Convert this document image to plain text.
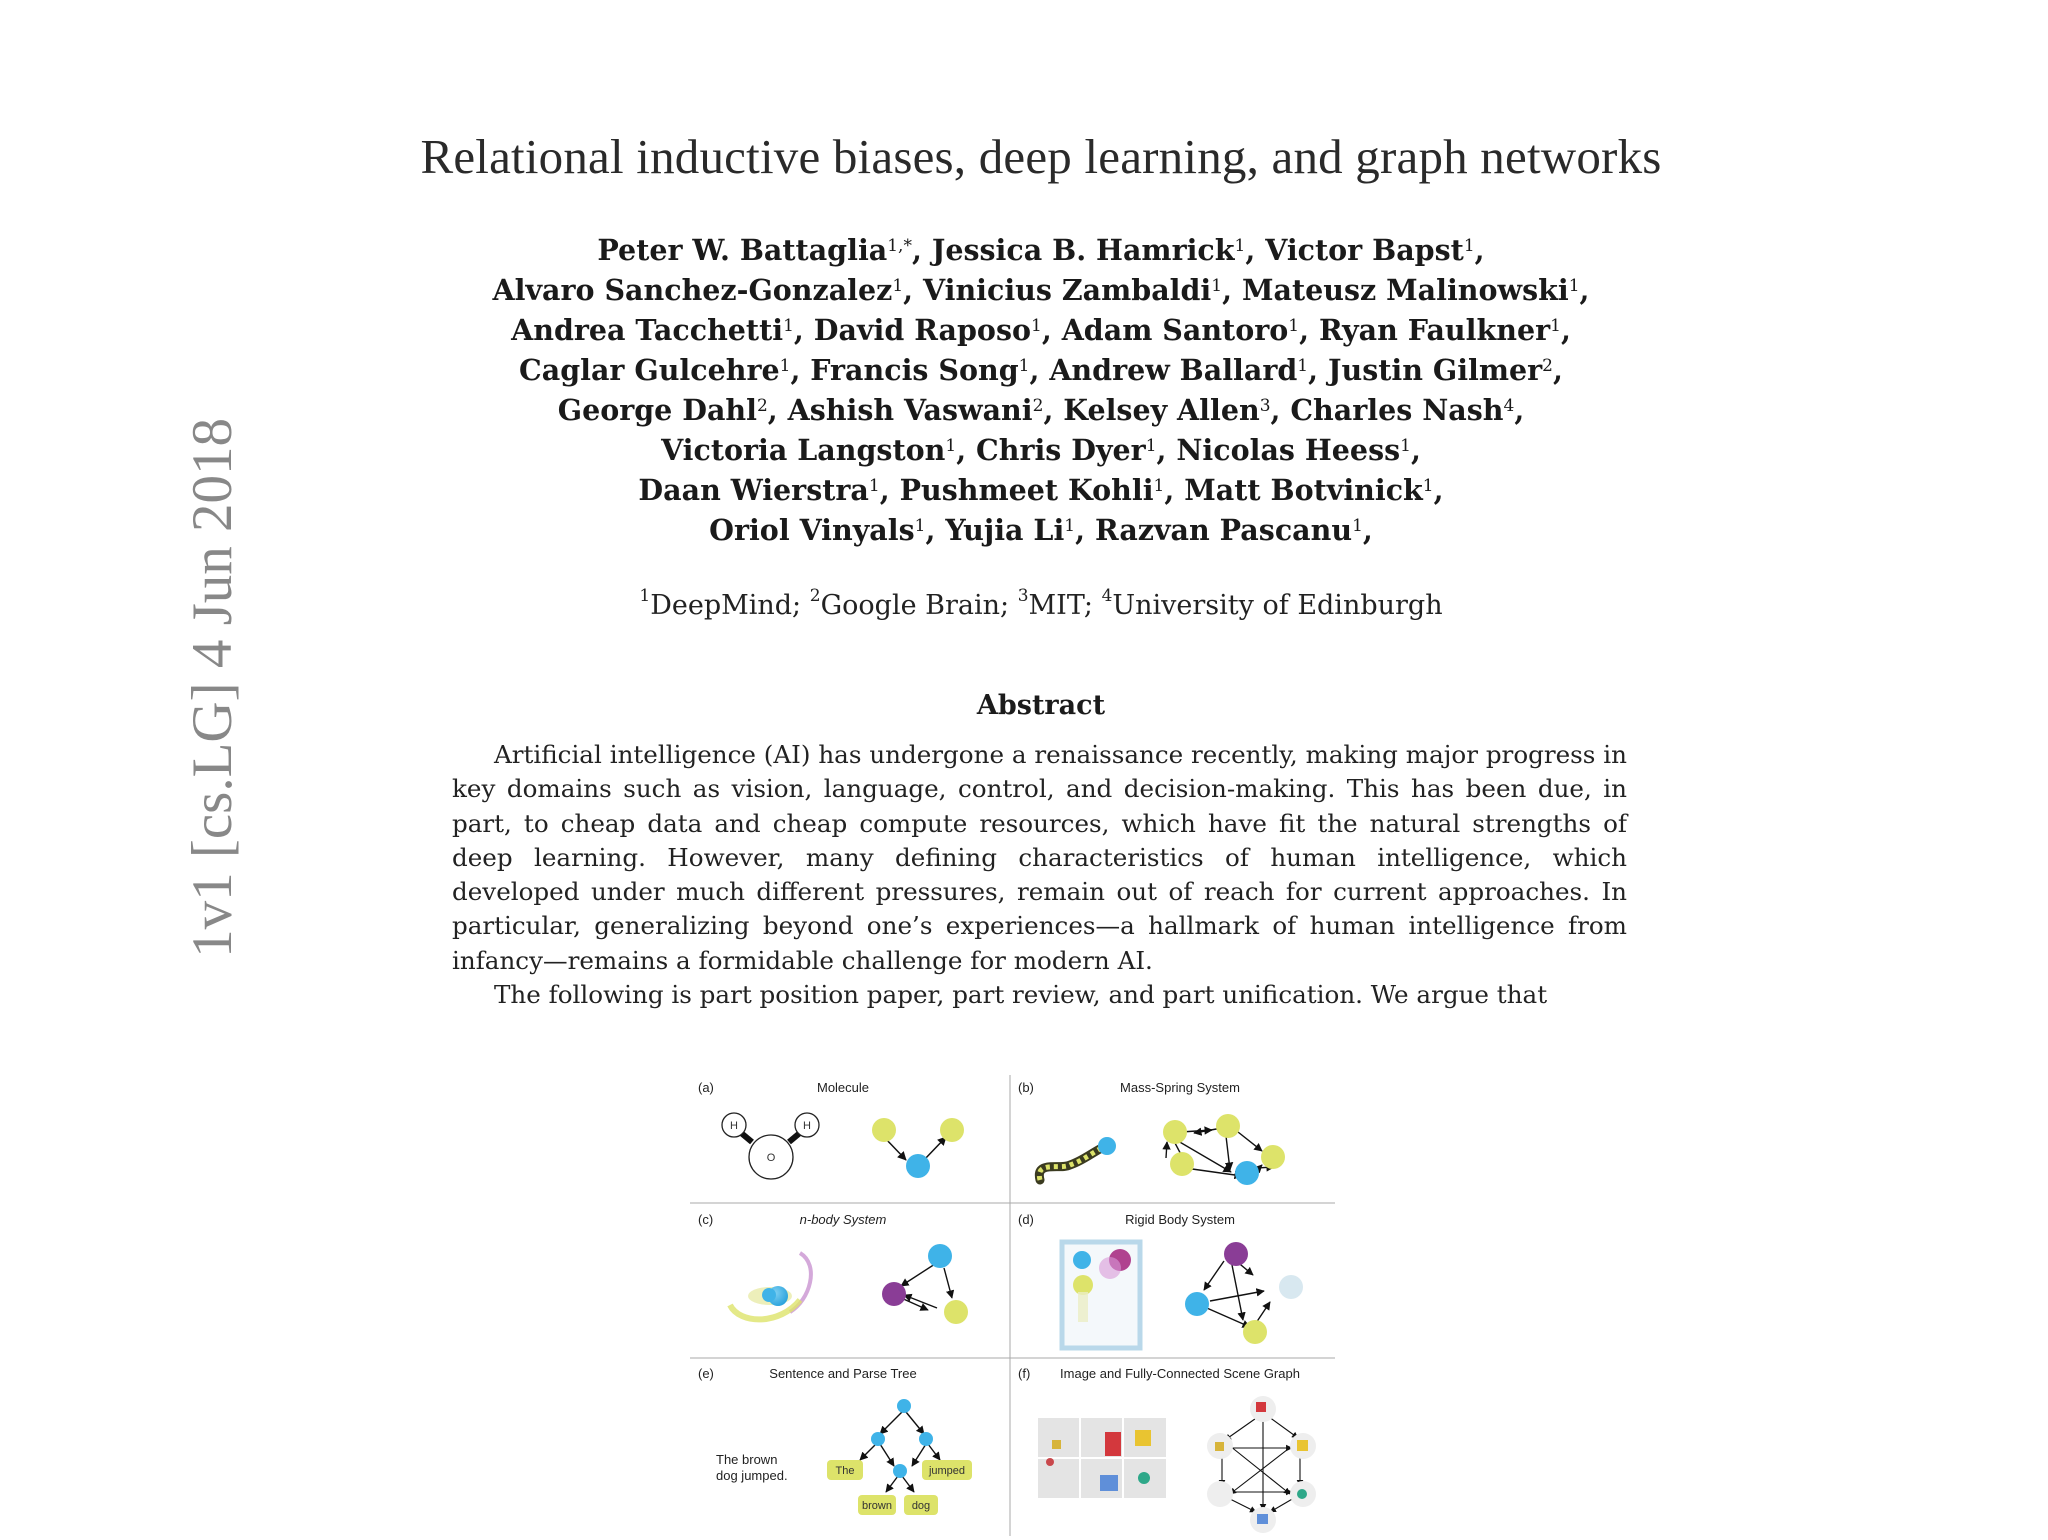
Relational inductive biases, deep learning, and graph networks
Peter W. Battaglia$^{1,*}$, Jessica B. Hamrick$^1$, Victor Bapst$^1$,
Alvaro Sanchez-Gonzalez$^1$, Vinicius Zambaldi$^1$, Mateusz Malinowski$^1$,
Andrea Tacchetti$^1$, David Raposo$^1$, Adam Santoro$^1$, Ryan Faulkner$^1$,
Caglar Gulcehre$^1$, Francis Song$^1$, Andrew Ballard$^1$, Justin Gilmer$^2$,
George Dahl$^2$, Ashish Vaswani$^2$, Kelsey Allen$^3$, Charles Nash$^4$,
Victoria Langston$^1$, Chris Dyer$^1$, Nicolas Heess$^1$,
Daan Wierstra$^1$, Pushmeet Kohli$^1$, Matt Botvinick$^1$,
Oriol Vinyals$^1$, Yujia Li$^1$, Razvan Pascanu$^1$,
$^1$DeepMind; $^2$Google Brain; $^3$MIT; $^4$University of Edinburgh
Abstract

Artificial intelligence (AI) has undergone a renaissance recently, making major progress in key domains such as vision, language, control, and decision-making. This has been due, in part, to cheap data and cheap compute resources, which have fit the natural strengths of deep learning. However, many defining characteristics of human intelligence, which developed under much different pressures, remain out of reach for current approaches. In particular, generalizing beyond one’s experiences—a hallmark of human intelligence from infancy—remains a formidable challenge for modern AI.

The following is part position paper, part review, and part unification. We argue that

1v1 [cs.LG] 4 Jun 2018
(a)	Molecule	(b)	Mass-Spring System
(c)	n-body System	(d)	Rigid Body System
(e)	Sentence and Parse Tree	(f) Image and Fully-Connected Scene Graph
H	H
O
The brown
dog jumped.	The	jumped
brown dog
